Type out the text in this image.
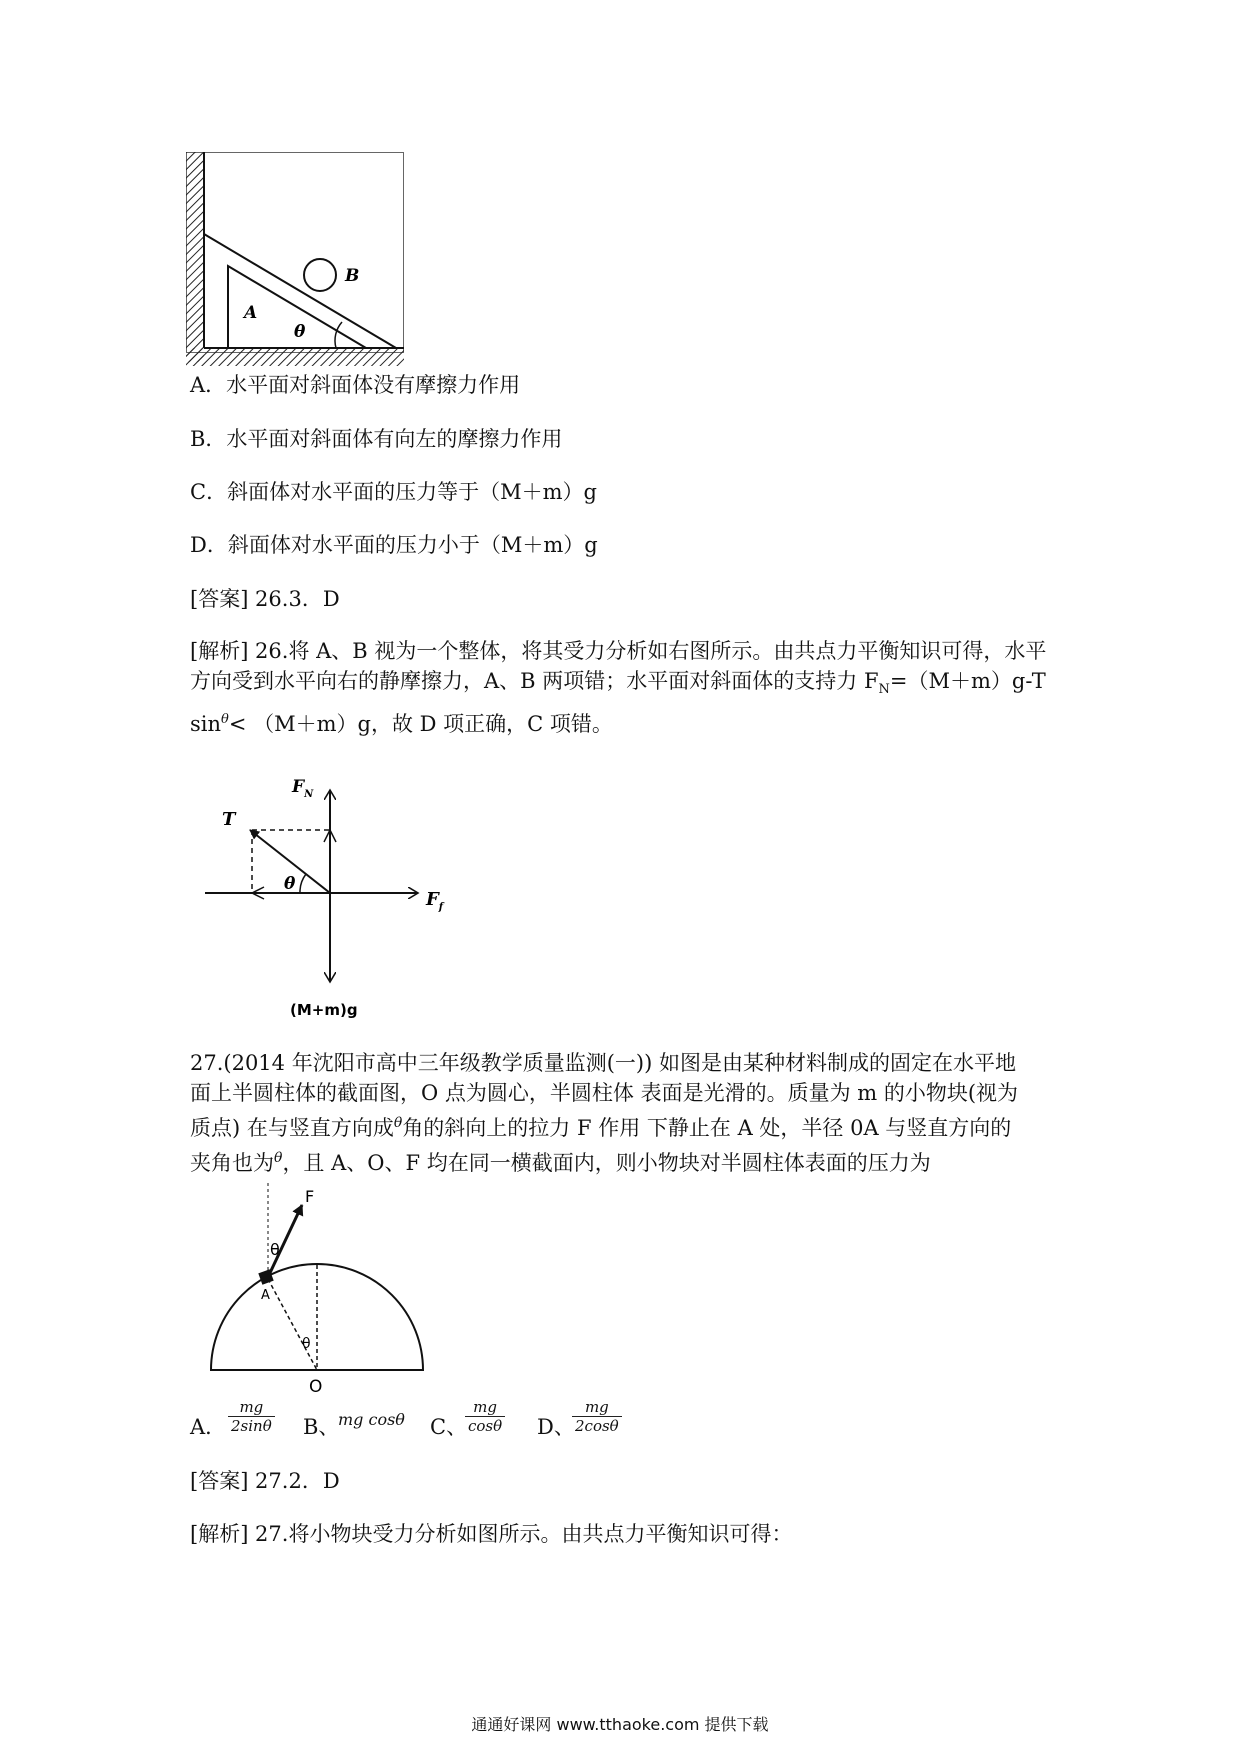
A
B
θ
A．水平面对斜面体没有摩擦力作用
B．水平面对斜面体有向左的摩擦力作用
C．斜面体对水平面的压力等于（M＋m）g
D．斜面体对水平面的压力小于（M＋m）g
[答案] 26.3．D
[解析] 26.将 A、B 视为一个整体，将其受力分析如右图所示。由共点力平衡知识可得，水平
方向受到水平向右的静摩擦力，A、B 两项错；水平面对斜面体的支持力 $F_N=(M+m)g-T$
$\sin^\theta< (M+m)g$，故 D 项正确，C 项错。
$F_N$
T
θ
$F_f$
(M+m)g
27.(2014 年沈阳市高中三年级教学质量监测(一)) 如图是由某种材料制成的固定在水平地
面上半圆柱体的截面图，O 点为圆心，半圆柱体 表面是光滑的。质量为 m 的小物块(视为
质点) 在与竖直方向成$^\theta$角的斜向上的拉力 F 作用 下静止在 A 处，半径 0A 与竖直方向的
夹角也为$^\theta$，且 A、O、F 均在同一横截面内，则小物块对半圆柱体表面的压力为
F
θ
A
θ
O
A． $\frac{mg}{2\sin\theta}$ B、
mg cosθ C、
$\frac{mg}{\cos\theta}$ D、
$\frac{mg}{2\cos\theta}$
[答案] 27.2．D
[解析] 27.将小物块受力分析如图所示。由共点力平衡知识可得：
通通好课网 www.tthaoke.com 提供下载
